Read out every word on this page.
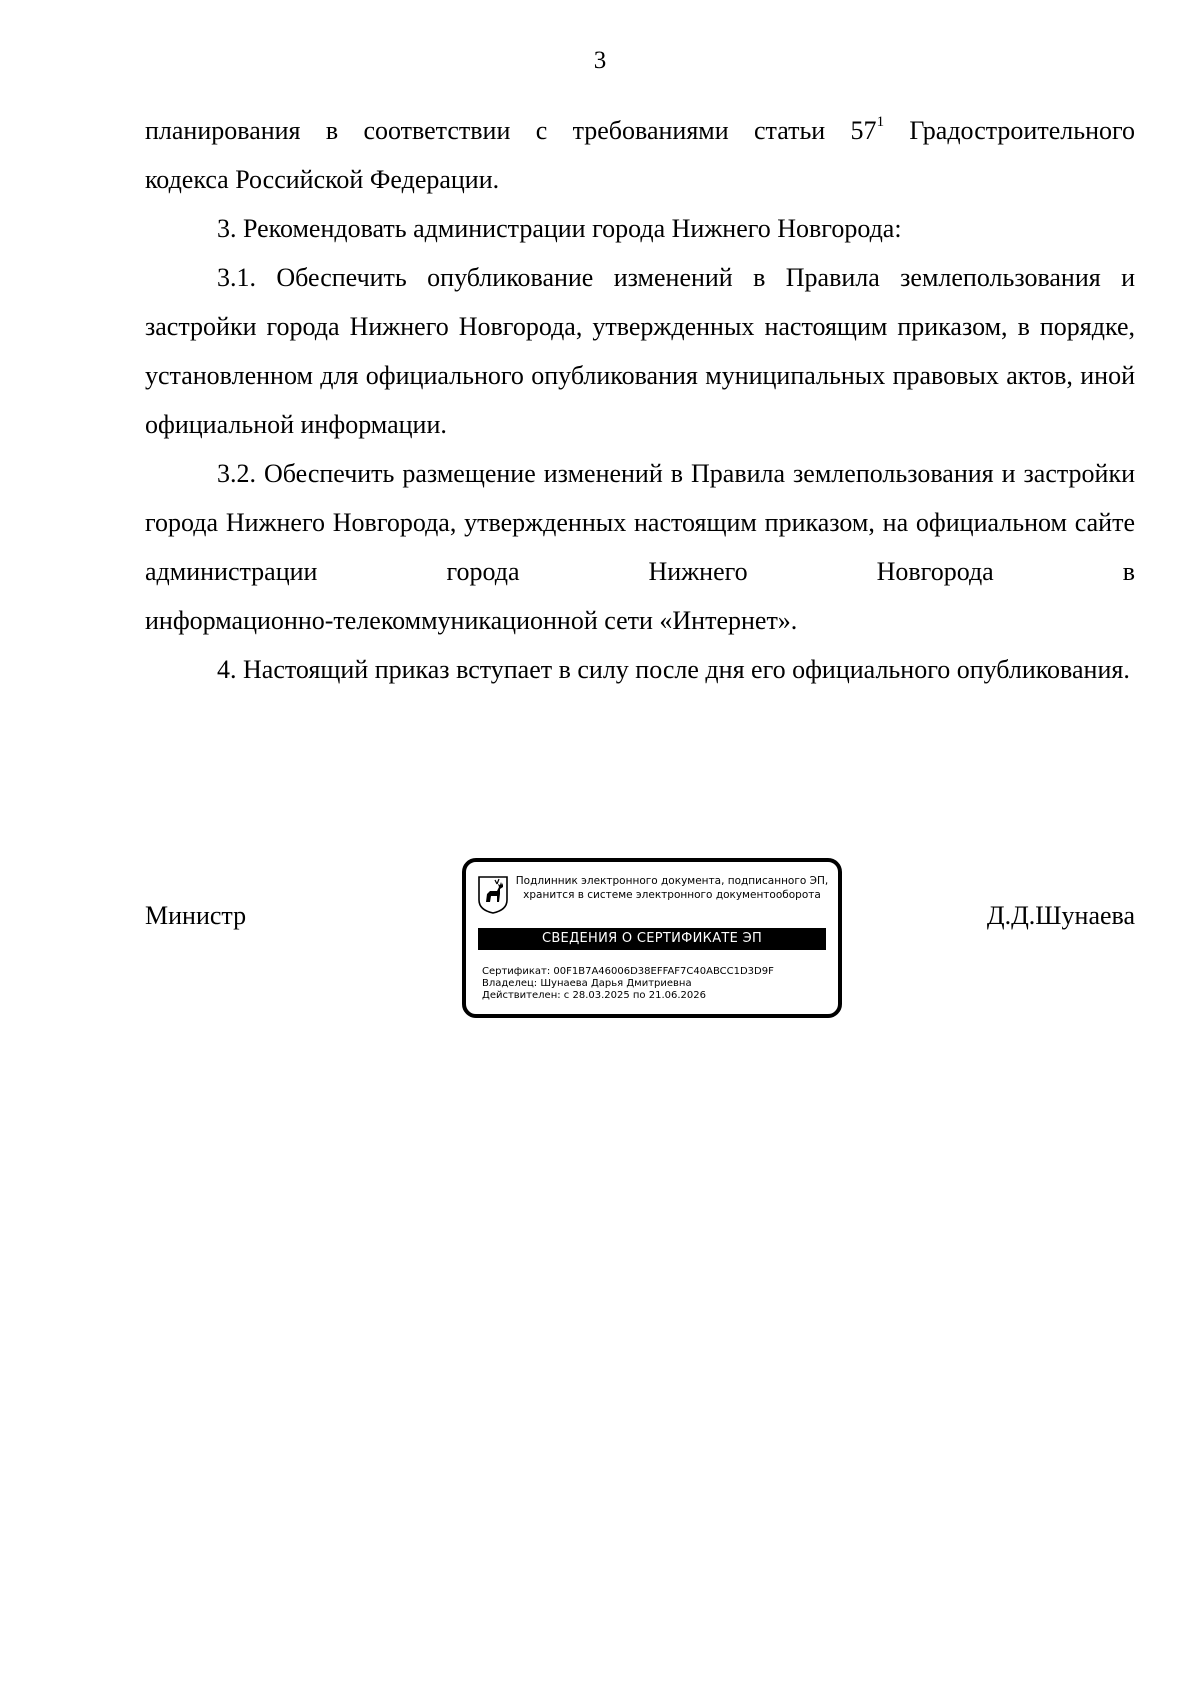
3

планирования в соответствии с требованиями статьи $57^1$ Градостроительного

кодекса Российской Федерации.

3. Рекомендовать администрации города Нижнего Новгорода:

3.1. Обеспечить опубликование изменений в Правила землепользования и застройки города Нижнего Новгорода, утвержденных настоящим приказом, в порядке, установленном для официального опубликования муниципальных правовых актов, иной официальной информации.

3.2. Обеспечить размещение изменений в Правила землепользования и застройки города Нижнего Новгорода, утвержденных настоящим приказом, на официальном сайте администрации города Нижнего Новгорода в

информационно-телекоммуникационной сети «Интернет».

4. Настоящий приказ вступает в силу после дня его официального опубликования.

Министр
Подлинник электронного документа, подписанного ЭП,
хранится в системе электронного документооборота
СВЕДЕНИЯ О СЕРТИФИКАТЕ ЭП
Сертификат: 00F1B7A46006D38EFFAF7C40ABCC1D3D9F
Владелец: Шунаева Дарья Дмитриевна
Действителен: с 28.03.2025 по 21.06.2026
Д.Д.Шунаева
